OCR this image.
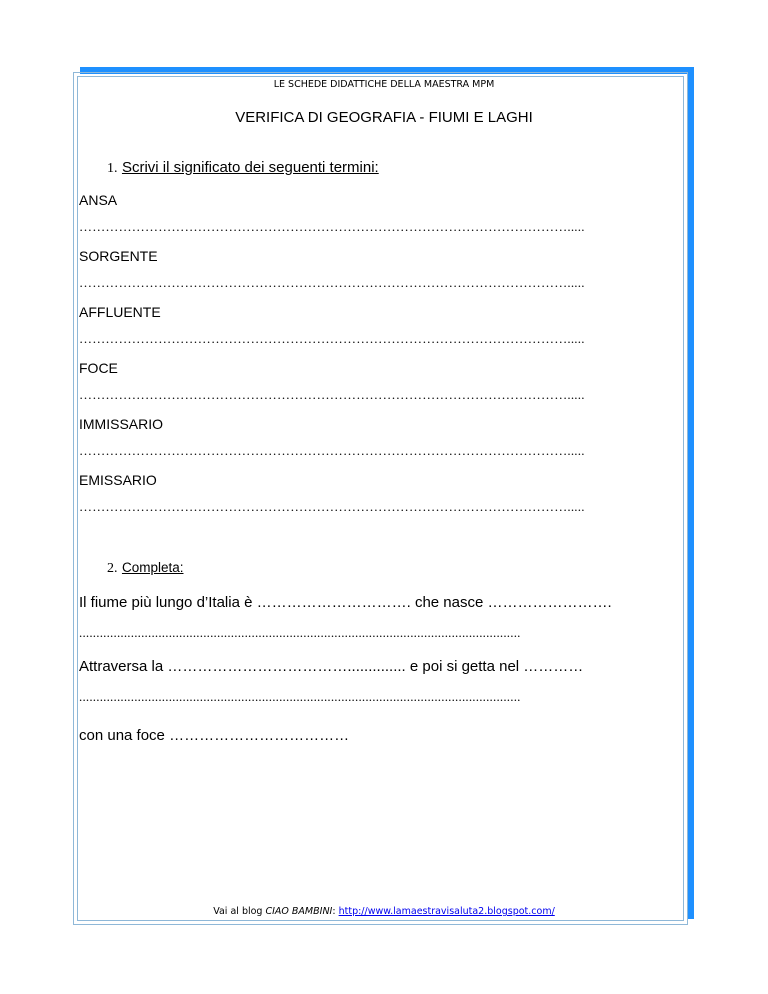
LE SCHEDE DIDATTICHE DELLA MAESTRA MPM
VERIFICA DI GEOGRAFIA - FIUMI E LAGHI
1. Scrivi il significato dei seguenti termini:
ANSA
………………………………………………………………………………………………….....
SORGENTE
………………………………………………………………………………………………….....
AFFLUENTE
………………………………………………………………………………………………….....
FOCE
………………………………………………………………………………………………….....
IMMISSARIO
………………………………………………………………………………………………….....
EMISSARIO
………………………………………………………………………………………………….....
2. Completa:
Il fiume più lungo d’Italia è …………………………. che nasce …………………….
................................................................................................................................
Attraversa la ……………………………….............. e poi si getta nel …………
................................................................................................................................
con una foce ………………………………
Vai al blog CIAO BAMBINI: http://www.lamaestravisaluta2.blogspot.com/
